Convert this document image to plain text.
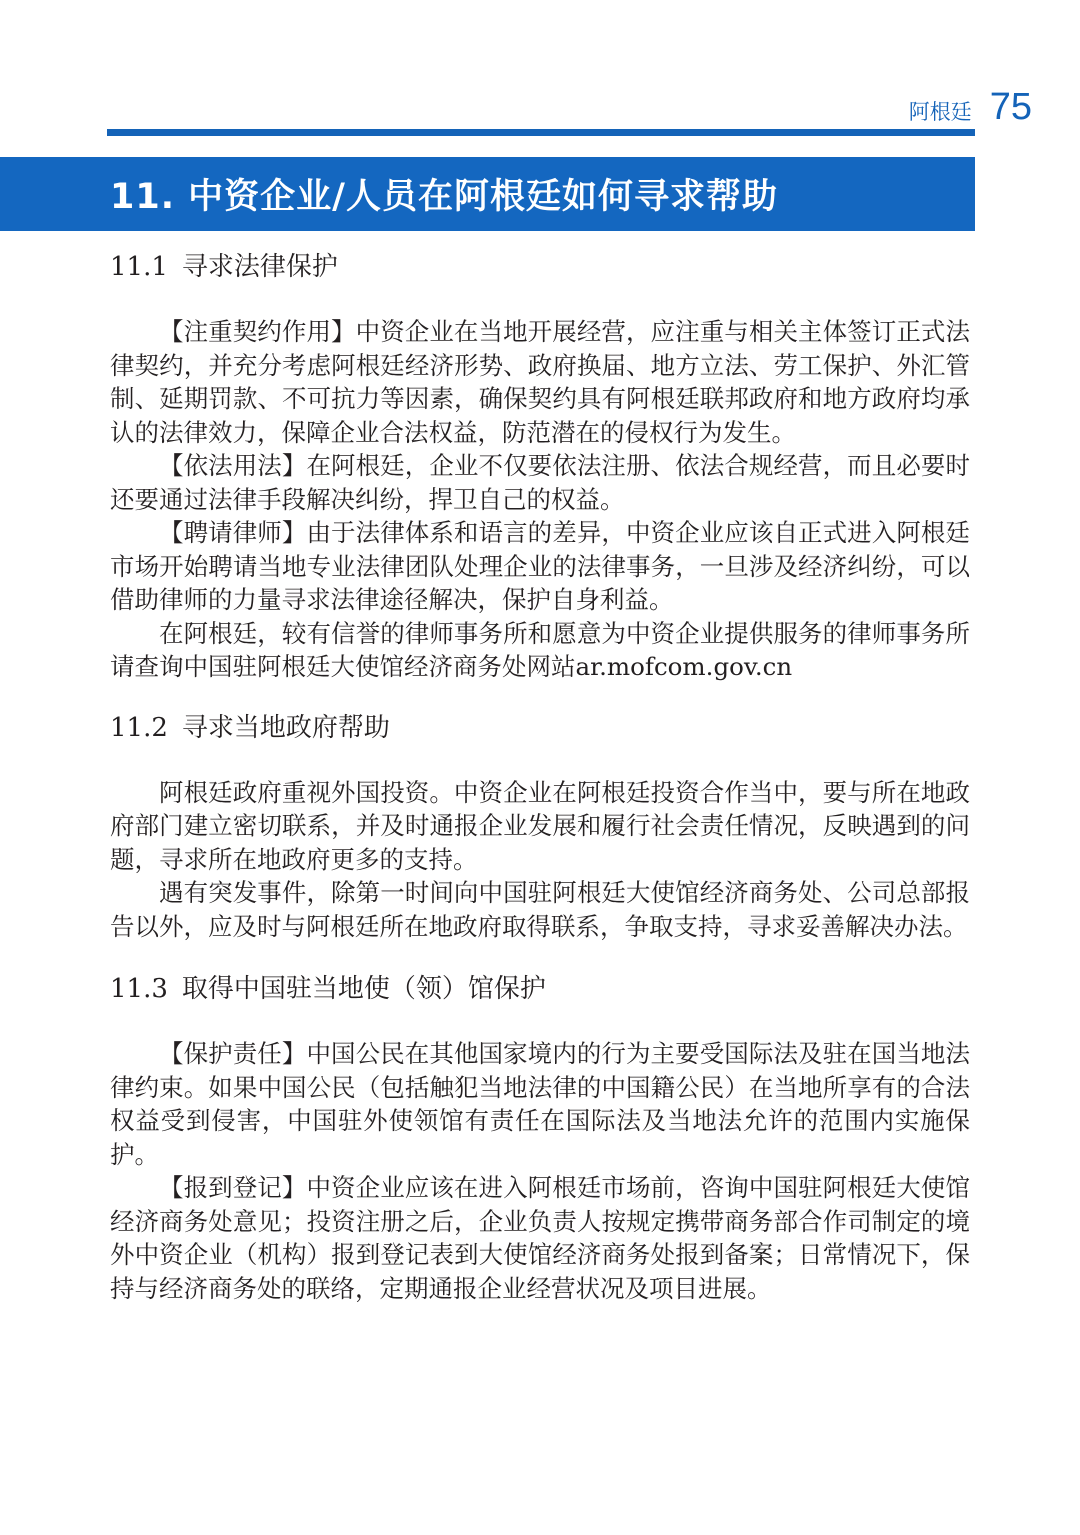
阿根廷 75
11. 中资企业/人员在阿根廷如何寻求帮助
11.1 寻求法律保护

【注重契约作用】中资企业在当地开展经营，应注重与相关主体签订正式法律契约，并充分考虑阿根廷经济形势、政府换届、地方立法、劳工保护、外汇管制、延期罚款、不可抗力等因素，确保契约具有阿根廷联邦政府和地方政府均承认的法律效力，保障企业合法权益，防范潜在的侵权行为发生。

【依法用法】在阿根廷，企业不仅要依法注册、依法合规经营，而且必要时还要通过法律手段解决纠纷，捍卫自己的权益。

【聘请律师】由于法律体系和语言的差异，中资企业应该自正式进入阿根廷市场开始聘请当地专业法律团队处理企业的法律事务，一旦涉及经济纠纷，可以借助律师的力量寻求法律途径解决，保护自身利益。

在阿根廷，较有信誉的律师事务所和愿意为中资企业提供服务的律师事务所请查询中国驻阿根廷大使馆经济商务处网站ar.mofcom.gov.cn

11.2 寻求当地政府帮助

阿根廷政府重视外国投资。中资企业在阿根廷投资合作当中，要与所在地政府部门建立密切联系，并及时通报企业发展和履行社会责任情况，反映遇到的问题，寻求所在地政府更多的支持。

遇有突发事件，除第一时间向中国驻阿根廷大使馆经济商务处、公司总部报告以外，应及时与阿根廷所在地政府取得联系，争取支持，寻求妥善解决办法。

11.3 取得中国驻当地使（领）馆保护

【保护责任】中国公民在其他国家境内的行为主要受国际法及驻在国当地法律约束。如果中国公民（包括触犯当地法律的中国籍公民）在当地所享有的合法权益受到侵害，中国驻外使领馆有责任在国际法及当地法允许的范围内实施保护。

【报到登记】中资企业应该在进入阿根廷市场前，咨询中国驻阿根廷大使馆经济商务处意见；投资注册之后，企业负责人按规定携带商务部合作司制定的境外中资企业（机构）报到登记表到大使馆经济商务处报到备案；日常情况下，保持与经济商务处的联络，定期通报企业经营状况及项目进展。
